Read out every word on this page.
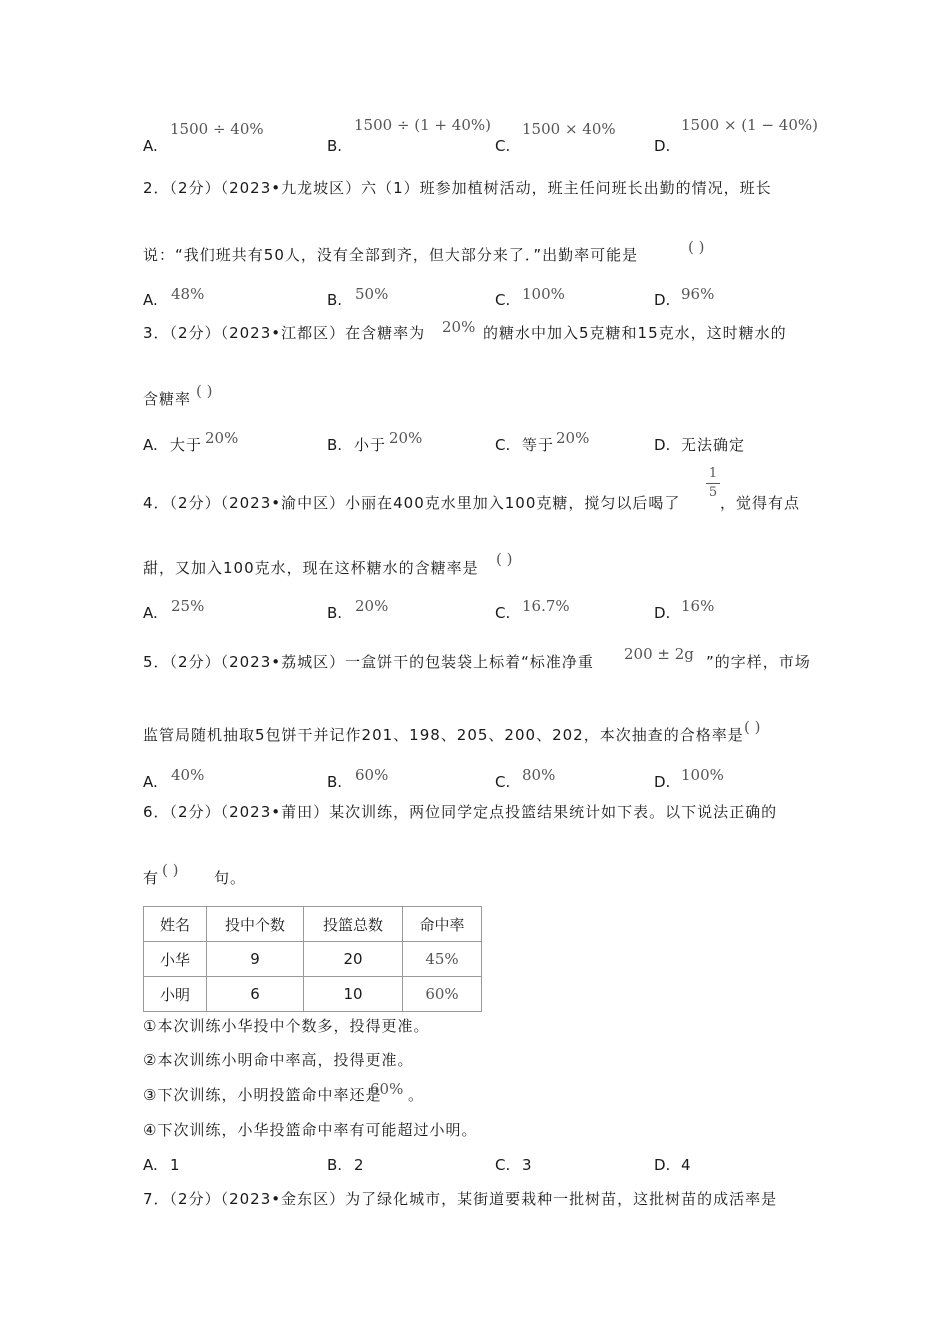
A.
1500 ÷ 40%
B.
1500 ÷ (1 + 40%)
C.
1500 × 40%
D.
1500 × (1 − 40%)
2．（2分）（2023•九龙坡区）六（1）班参加植树活动，班主任问班长出勤的情况，班长
说：“我们班共有50人，没有全部到齐，但大部分来了．”出勤率可能是	( )
A. 48%	B. 50%	C. 100%	D. 96%
3．（2分）（2023•江都区）在含糖率为 20% 的糖水中加入5克糖和15克水，这时糖水的
含糖率 ( )
A. 大于 20%	B. 小于 20%	C. 等于 20%	D. 无法确定
4．（2分）（2023•渝中区）小丽在400克水里加入100克糖，搅匀以后喝了
1
5
，觉得有点
甜，又加入100克水，现在这杯糖水的含糖率是 ( )
A. 25%	B. 20%	C. 16.7%	D. 16%
5．（2分）（2023•荔城区）一盒饼干的包装袋上标着“标准净重 200 ± 2g ”的字样，市场
监管局随机抽取5包饼干并记作201、198、205、200、202，本次抽查的合格率是 ( )
A. 40%	B. 60%	C. 80%	D. 100%
6．（2分）（2023•莆田）某次训练，两位同学定点投篮结果统计如下表。以下说法正确的
有 ( ) 句。
姓名	投中个数	投篮总数	命中率
小华	9	20	45%
小明	6	10	60%
①本次训练小华投中个数多，投得更准。
②本次训练小明命中率高，投得更准。
③下次训练，小明投篮命中率还是
60% 。
④下次训练，小华投篮命中率有可能超过小明。
A. 1	B. 2	C. 3	D. 4
7．（2分）（2023•金东区）为了绿化城市，某街道要栽种一批树苗，这批树苗的成活率是
